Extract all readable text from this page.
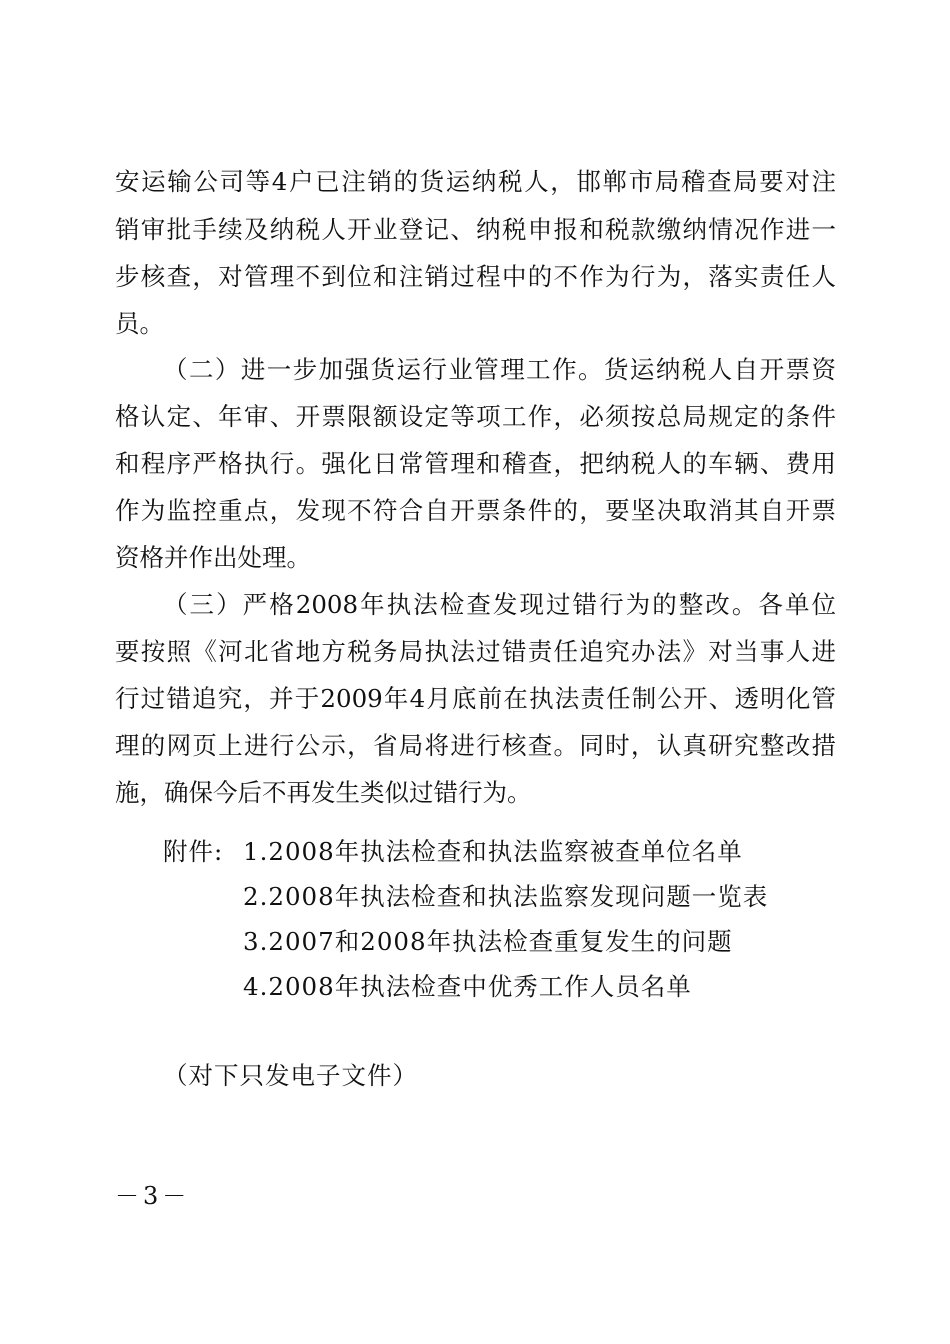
安运输公司等4户已注销的货运纳税人，邯郸市局稽查局要对注
销审批手续及纳税人开业登记、纳税申报和税款缴纳情况作进一
步核查，对管理不到位和注销过程中的不作为行为，落实责任人
员。
（二）进一步加强货运行业管理工作。货运纳税人自开票资
格认定、年审、开票限额设定等项工作，必须按总局规定的条件
和程序严格执行。强化日常管理和稽查，把纳税人的车辆、费用
作为监控重点，发现不符合自开票条件的，要坚决取消其自开票
资格并作出处理。
（三）严格2008年执法检查发现过错行为的整改。各单位
要按照《河北省地方税务局执法过错责任追究办法》对当事人进
行过错追究，并于2009年4月底前在执法责任制公开、透明化管
理的网页上进行公示，省局将进行核查。同时，认真研究整改措
施，确保今后不再发生类似过错行为。
附件: 1.2008年执法检查和执法监察被查单位名单
2.2008年执法检查和执法监察发现问题一览表
3.2007和2008年执法检查重复发生的问题
4.2008年执法检查中优秀工作人员名单
（对下只发电子文件）
－3－
